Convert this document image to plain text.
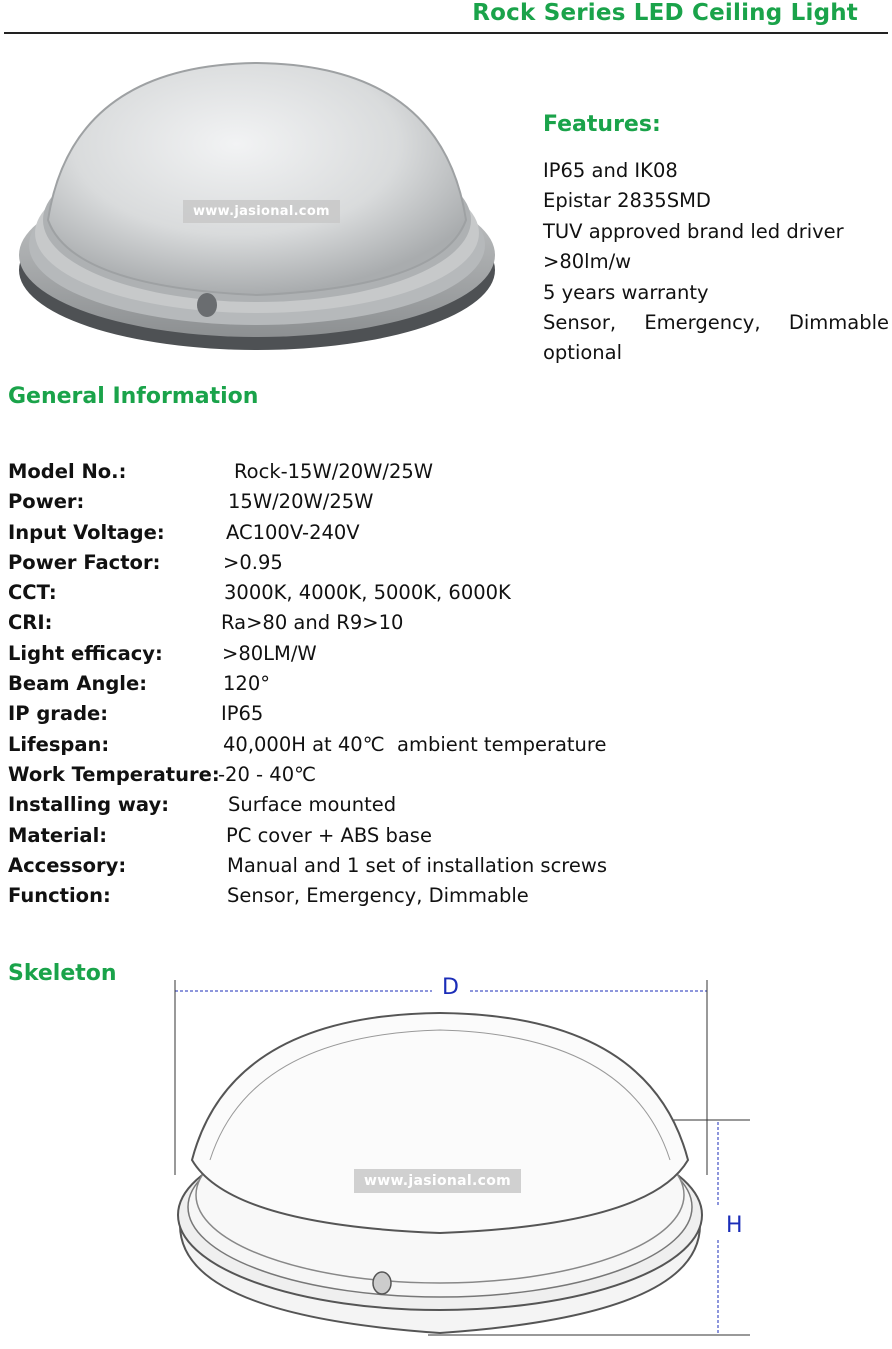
Rock Series LED Ceiling Light
www.jasional.com
Features:
IP65 and IK08
Epistar 2835SMD
TUV approved brand led driver
>80lm/w
5 years warranty
Sensor, Emergency, Dimmable
optional
General Information
Model No.:	Rock-15W/20W/25W
Power:	15W/20W/25W
Input Voltage:	AC100V-240V
Power Factor:	>0.95
CCT:	3000K, 4000K, 5000K, 6000K
CRI:	Ra>80 and R9>10
Light efficacy:	>80LM/W
Beam Angle:	120°
IP grade:	IP65
Lifespan:	40,000H at 40℃  ambient temperature
Work Temperature:
-20 - 40℃
Installing way:	Surface mounted
Material:	PC cover + ABS base
Accessory:	Manual and 1 set of installation screws
Function:	Sensor, Emergency, Dimmable
Skeleton
D
H
www.jasional.com
